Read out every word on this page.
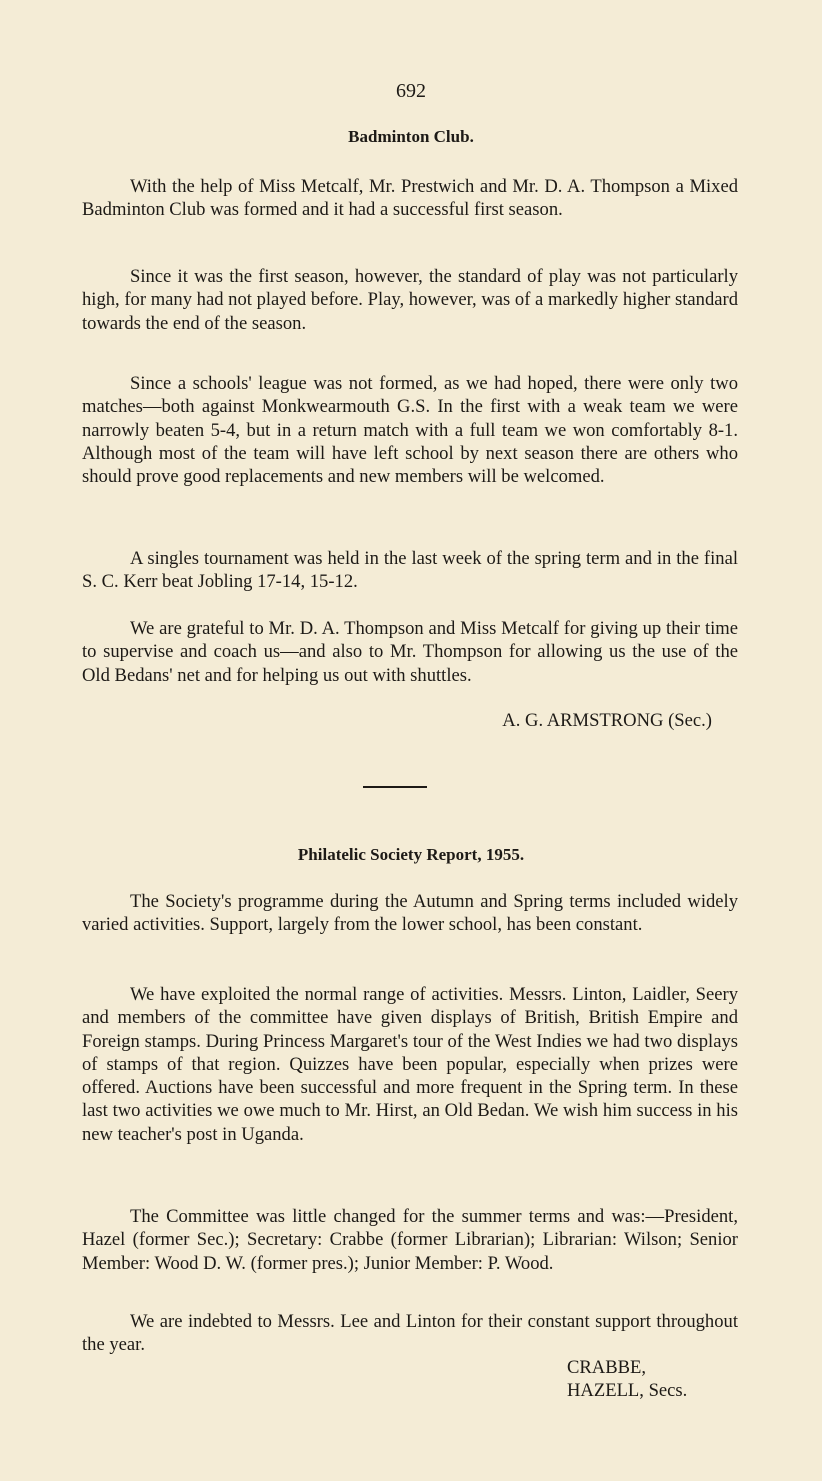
692
Badminton Club.

With the help of Miss Metcalf, Mr. Prestwich and Mr. D. A. Thompson a Mixed Badminton Club was formed and it had a successful first season.

Since it was the first season, however, the standard of play was not particularly high, for many had not played before. Play, however, was of a markedly higher standard towards the end of the season.

Since a schools' league was not formed, as we had hoped, there were only two matches—both against Monkwearmouth G.S. In the first with a weak team we were narrowly beaten 5-4, but in a return match with a full team we won comfortably 8-1. Although most of the team will have left school by next season there are others who should prove good replacements and new members will be welcomed.

A singles tournament was held in the last week of the spring term and in the final S. C. Kerr beat Jobling 17-14, 15-12.

We are grateful to Mr. D. A. Thompson and Miss Metcalf for giving up their time to supervise and coach us—and also to Mr. Thompson for allowing us the use of the Old Bedans' net and for helping us out with shuttles.

A. G. ARMSTRONG (Sec.)
Philatelic Society Report, 1955.

The Society's programme during the Autumn and Spring terms included widely varied activities. Support, largely from the lower school, has been constant.

We have exploited the normal range of activities. Messrs. Linton, Laidler, Seery and members of the committee have given displays of British, British Empire and Foreign stamps. During Princess Margaret's tour of the West Indies we had two displays of stamps of that region. Quizzes have been popular, especially when prizes were offered. Auctions have been successful and more frequent in the Spring term. In these last two activities we owe much to Mr. Hirst, an Old Bedan. We wish him success in his new teacher's post in Uganda.

The Committee was little changed for the summer terms and was:—President, Hazel (former Sec.); Secretary: Crabbe (former Librarian); Librarian: Wilson; Senior Member: Wood D. W. (former pres.); Junior Member: P. Wood.

We are indebted to Messrs. Lee and Linton for their constant support throughout the year.

CRABBE,
HAZELL, Secs.
